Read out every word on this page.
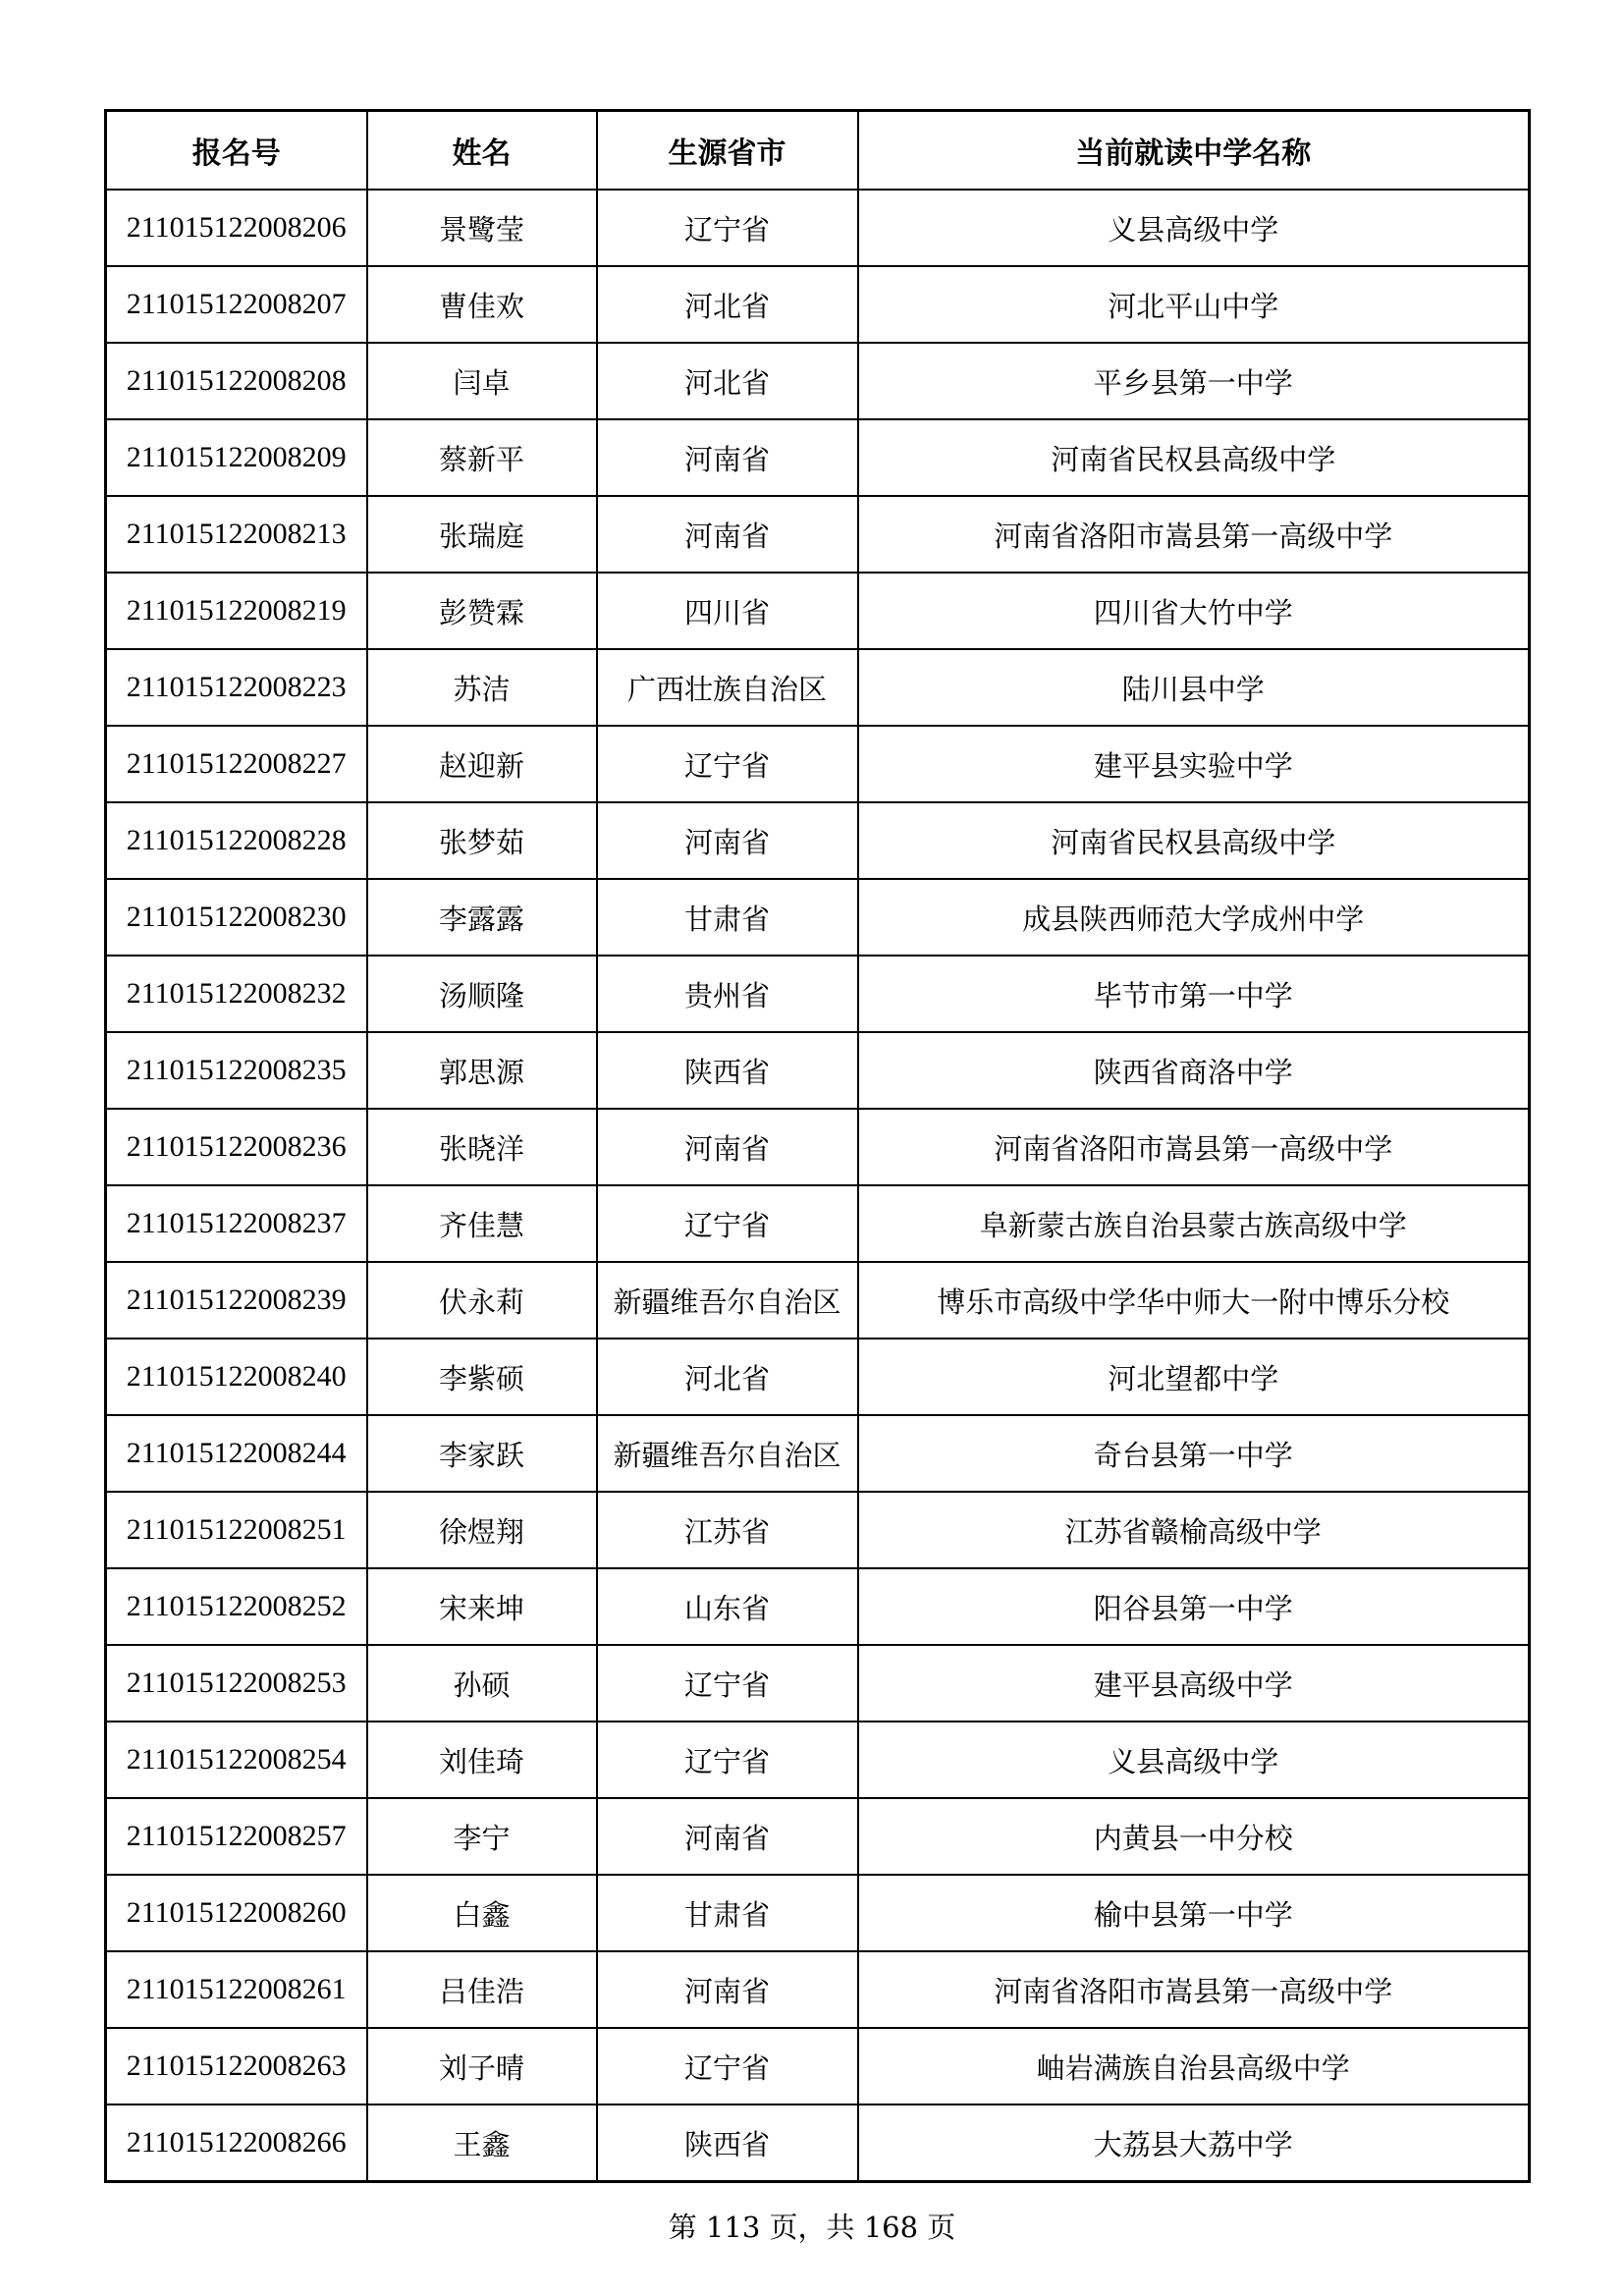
报名号	姓名	生源省市	当前就读中学名称
211015122008206	景鹭莹	辽宁省	义县高级中学
211015122008207	曹佳欢	河北省	河北平山中学
211015122008208	闫卓	河北省	平乡县第一中学
211015122008209	蔡新平	河南省	河南省民权县高级中学
211015122008213	张瑞庭	河南省	河南省洛阳市嵩县第一高级中学
211015122008219	彭赞霖	四川省	四川省大竹中学
211015122008223	苏洁	广西壮族自治区	陆川县中学
211015122008227	赵迎新	辽宁省	建平县实验中学
211015122008228	张梦茹	河南省	河南省民权县高级中学
211015122008230	李露露	甘肃省	成县陕西师范大学成州中学
211015122008232	汤顺隆	贵州省	毕节市第一中学
211015122008235	郭思源	陕西省	陕西省商洛中学
211015122008236	张晓洋	河南省	河南省洛阳市嵩县第一高级中学
211015122008237	齐佳慧	辽宁省	阜新蒙古族自治县蒙古族高级中学
211015122008239	伏永莉	新疆维吾尔自治区	博乐市高级中学华中师大一附中博乐分校
211015122008240	李紫硕	河北省	河北望都中学
211015122008244	李家跃	新疆维吾尔自治区	奇台县第一中学
211015122008251	徐煜翔	江苏省	江苏省赣榆高级中学
211015122008252	宋来坤	山东省	阳谷县第一中学
211015122008253	孙硕	辽宁省	建平县高级中学
211015122008254	刘佳琦	辽宁省	义县高级中学
211015122008257	李宁	河南省	内黄县一中分校
211015122008260	白鑫	甘肃省	榆中县第一中学
211015122008261	吕佳浩	河南省	河南省洛阳市嵩县第一高级中学
211015122008263	刘子晴	辽宁省	岫岩满族自治县高级中学
211015122008266	王鑫	陕西省	大荔县大荔中学
第 113 页，共 168 页
